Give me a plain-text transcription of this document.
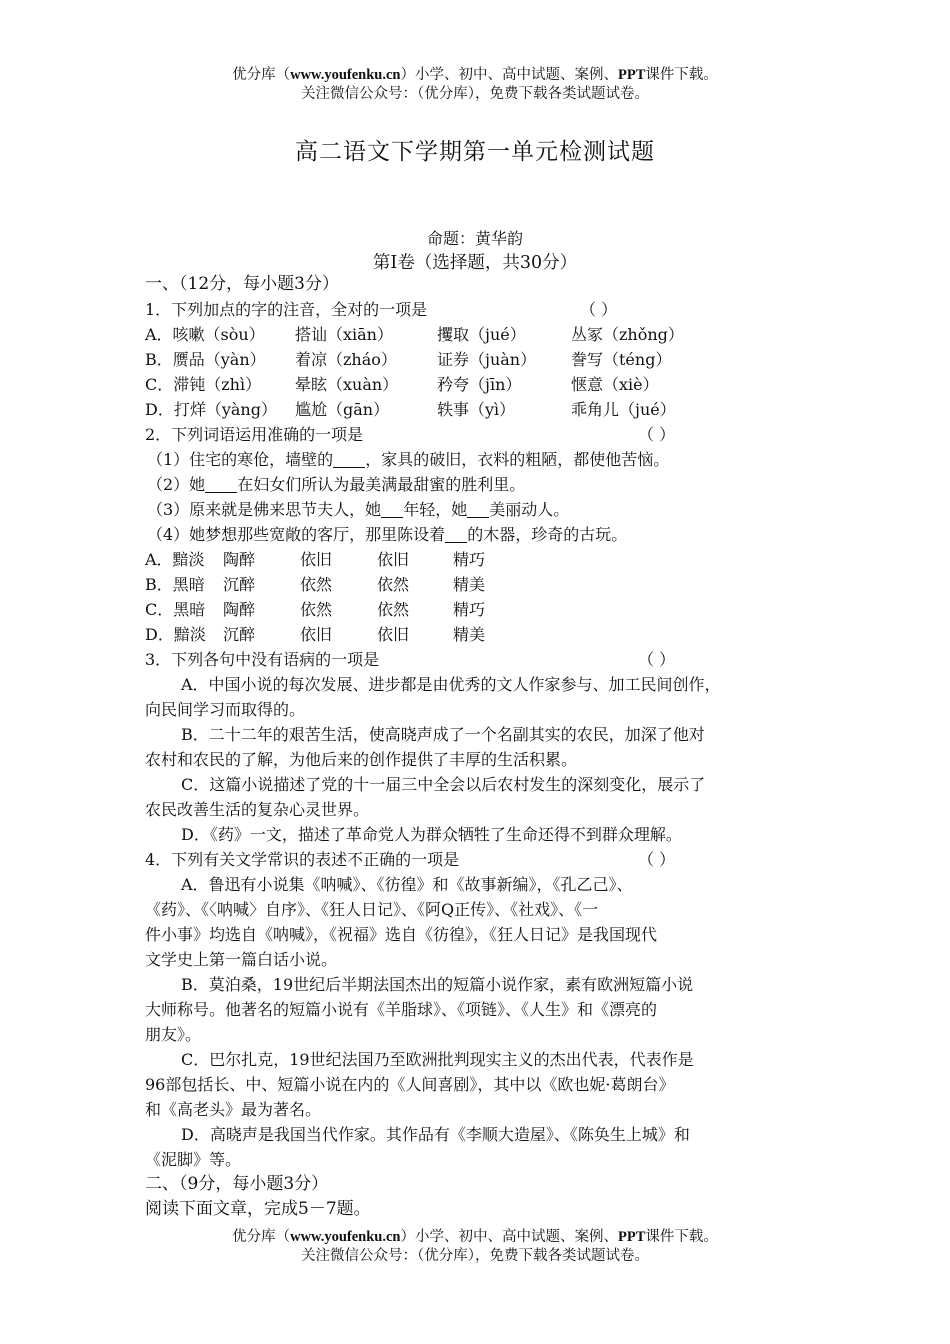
优分库（www.youfenku.cn）小学、初中、高中试题、案例、PPT课件下载。
关注微信公众号：（优分库），免费下载各类试题试卷。
高二语文下学期第一单元检测试题
命题：黄华韵
第Ⅰ卷（选择题，共30分）
一、（12分，每小题3分）
1．下列加点的字的注音，全对的一项是	（ ）
A．咳嗽（sòu） 搭讪（xiān）	攫取（jué）	丛冢（zhǒng）
B．赝品（yàn） 着凉（zháo）	证券（juàn） 誊写（téng）
C．滞钝（zhì） 晕眩（xuàn） 矜夸（jīn）	惬意（xiè）
D．打烊（yàng） 尴尬（gān）	轶事（yì）	乖角儿（jué）
2．下列词语运用准确的一项是	（ ）
（1）住宅的寒伧，墙壁的 ，家具的破旧，衣料的粗陋，都使他苦恼。
（2）她 在妇女们所认为最美满最甜蜜的胜利里。
（3）原来就是佛来思节夫人，她 年轻，她 美丽动人。
（4）她梦想那些宽敞的客厅，那里陈设着 的木器，珍奇的古玩。
A．黯淡 陶醉	依旧	依旧	精巧
B．黑暗 沉醉	依然	依然	精美
C．黑暗 陶醉	依然	依然	精巧
D．黯淡 沉醉	依旧	依旧	精美
3．下列各句中没有语病的一项是	（ ）
A．中国小说的每次发展、进步都是由优秀的文人作家参与、加工民间创作，
向民间学习而取得的。
B．二十二年的艰苦生活，使高晓声成了一个名副其实的农民，加深了他对
农村和农民的了解，为他后来的创作提供了丰厚的生活积累。
C．这篇小说描述了党的十一届三中全会以后农村发生的深刻变化，展示了
农民改善生活的复杂心灵世界。
D．《药》一文，描述了革命党人为群众牺牲了生命还得不到群众理解。
4．下列有关文学常识的表述不正确的一项是	（ ）
A．鲁迅有小说集《呐喊》、《彷徨》和《故事新编》，《孔乙己》、
《药》、《〈呐喊〉自序》、《狂人日记》、《阿Q正传》、《社戏》、《一
件小事》均选自《呐喊》，《祝福》选自《彷徨》，《狂人日记》是我国现代
文学史上第一篇白话小说。
B．莫泊桑，19世纪后半期法国杰出的短篇小说作家，素有欧洲短篇小说
大师称号。他著名的短篇小说有《羊脂球》、《项链》、《人生》和《漂亮的
朋友》。
C．巴尔扎克，19世纪法国乃至欧洲批判现实主义的杰出代表，代表作是
96部包括长、中、短篇小说在内的《人间喜剧》，其中以《欧也妮·葛朗台》
和《高老头》最为著名。
D．高晓声是我国当代作家。其作品有《李顺大造屋》、《陈奂生上城》和
《泥脚》等。
二、（9分，每小题3分）
阅读下面文章，完成5－7题。
优分库（www.youfenku.cn）小学、初中、高中试题、案例、PPT课件下载。
关注微信公众号：（优分库），免费下载各类试题试卷。
